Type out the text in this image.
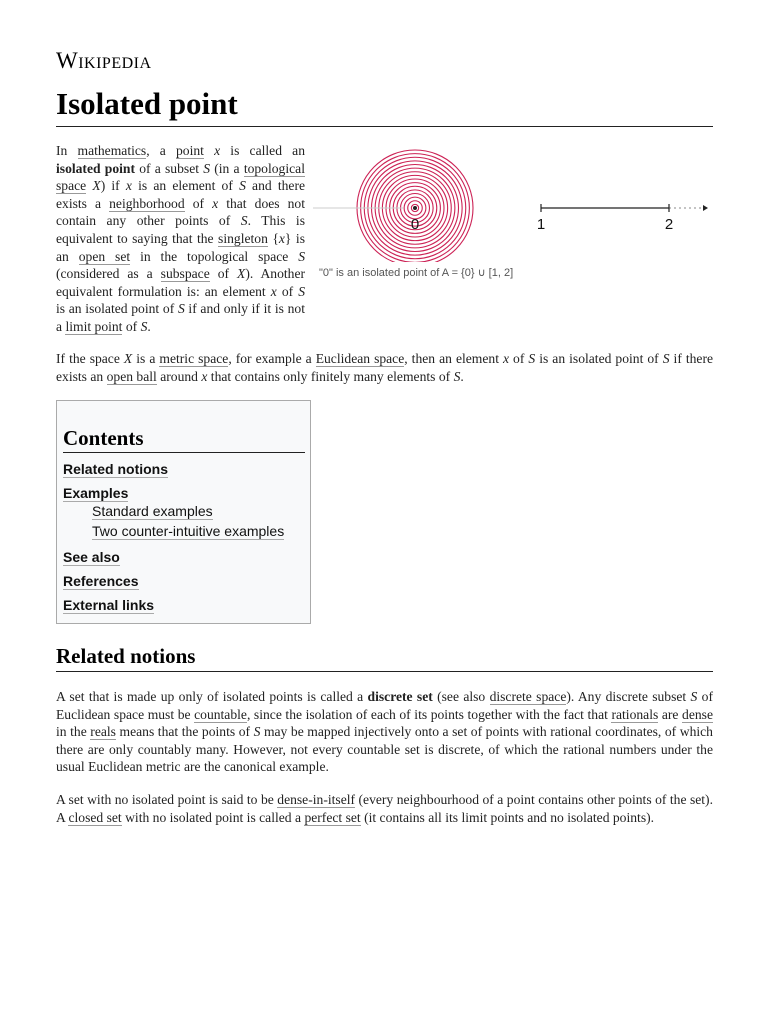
Wikipedia
Isolated point
0	1	2
"0" is an isolated point of A = {0} ∪ [1, 2]

In mathematics, a point x is called an isolated point of a subset S (in a topological space X) if x is an element of S and there exists a neighborhood of x that does not contain any other points of S. This is equivalent to saying that the singleton {x} is an open set in the topological space S (considered as a subspace of X). Another equivalent formulation is: an element x of S is an isolated point of S if and only if it is not a limit point of S.

If the space X is a metric space, for example a Euclidean space, then an element x of S is an isolated point of S if there exists an open ball around x that contains only finitely many elements of S.

Contents
Related notions
Examples
Standard examples
Two counter-intuitive examples
See also
References
External links
Related notions

A set that is made up only of isolated points is called a discrete set (see also discrete space). Any discrete subset S of Euclidean space must be countable, since the isolation of each of its points together with the fact that rationals are dense in the reals means that the points of S may be mapped injectively onto a set of points with rational coordinates, of which there are only countably many. However, not every countable set is discrete, of which the rational numbers under the usual Euclidean metric are the canonical example.

A set with no isolated point is said to be dense-in-itself (every neighbourhood of a point contains other points of the set). A closed set with no isolated point is called a perfect set (it contains all its limit points and no isolated points).
